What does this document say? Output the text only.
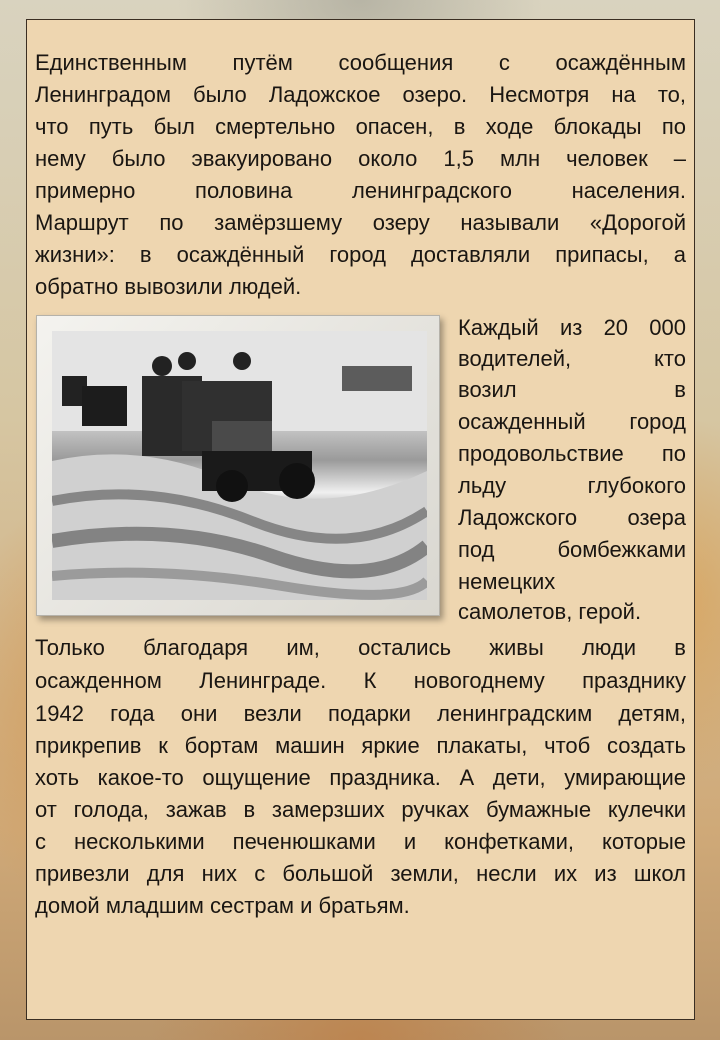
Единственным путём сообщения с осаждённым
Ленинградом было Ладожское озеро. Несмотря на то,
что путь был смертельно опасен, в ходе блокады по
нему было эвакуировано около 1,5 млн человек –
примерно половина ленинградского населения.
Маршрут по замёрзшему озеру называли «Дорогой
жизни»: в осаждённый город доставляли припасы, а
обратно вывозили людей.
Каждый из 20 000
водителей, кто
возил в
осажденный город
продовольствие по
льду глубокого
Ладожского озера
под бомбежками
немецких
самолетов, герой.
Только благодаря им, остались живы люди в
осажденном Ленинграде. К новогоднему празднику
1942 года они везли подарки ленинградским детям,
прикрепив к бортам машин яркие плакаты, чтоб создать
хоть какое-то ощущение праздника. А дети, умирающие
от голода, зажав в замерзших ручках бумажные кулечки
с несколькими печенюшками и конфетками, которые
привезли для них с большой земли, несли их из школ
домой младшим сестрам и братьям.
